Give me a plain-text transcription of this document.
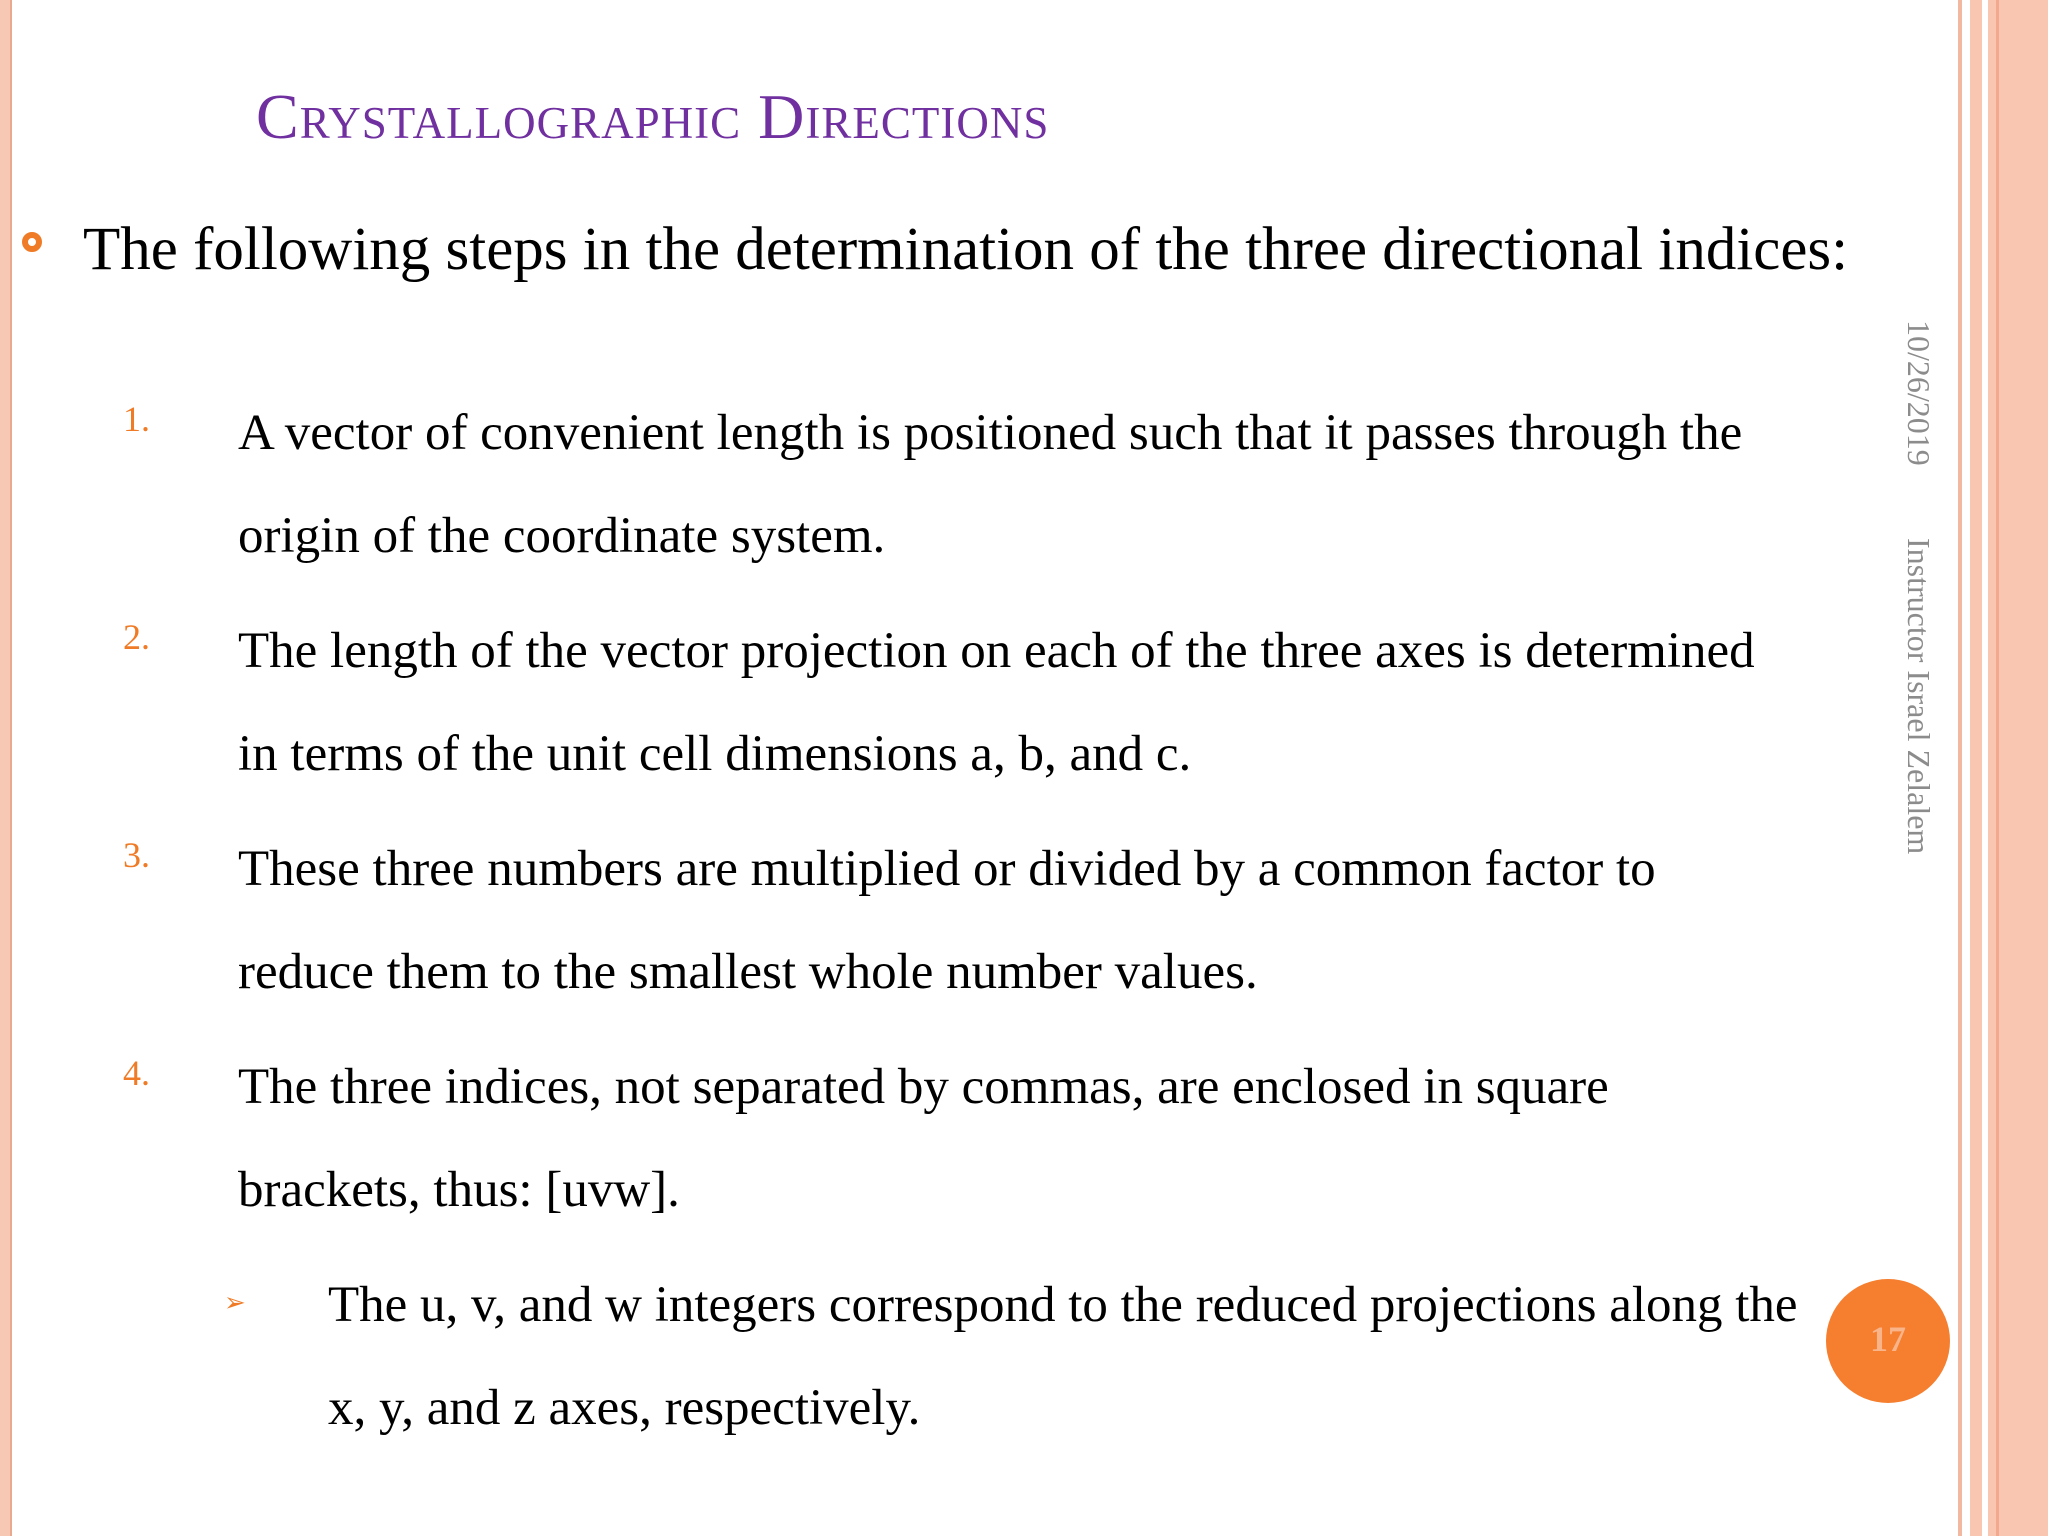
Crystallographic Directions
The following steps in the determination of the three directional indices:
1. A vector of convenient length is positioned such that it passes through the
origin of the coordinate system.
2. The length of the vector projection on each of the three axes is determined
in terms of the unit cell dimensions a, b, and c.
3. These three numbers are multiplied or divided by a common factor to
reduce them to the smallest whole number values.
4. The three indices, not separated by commas, are enclosed in square
brackets, thus: [uvw].
17
➢ The u, v, and w integers correspond to the reduced projections along the
x, y, and z axes, respectively.
10/26/2019
Instructor Israel Zelalem
